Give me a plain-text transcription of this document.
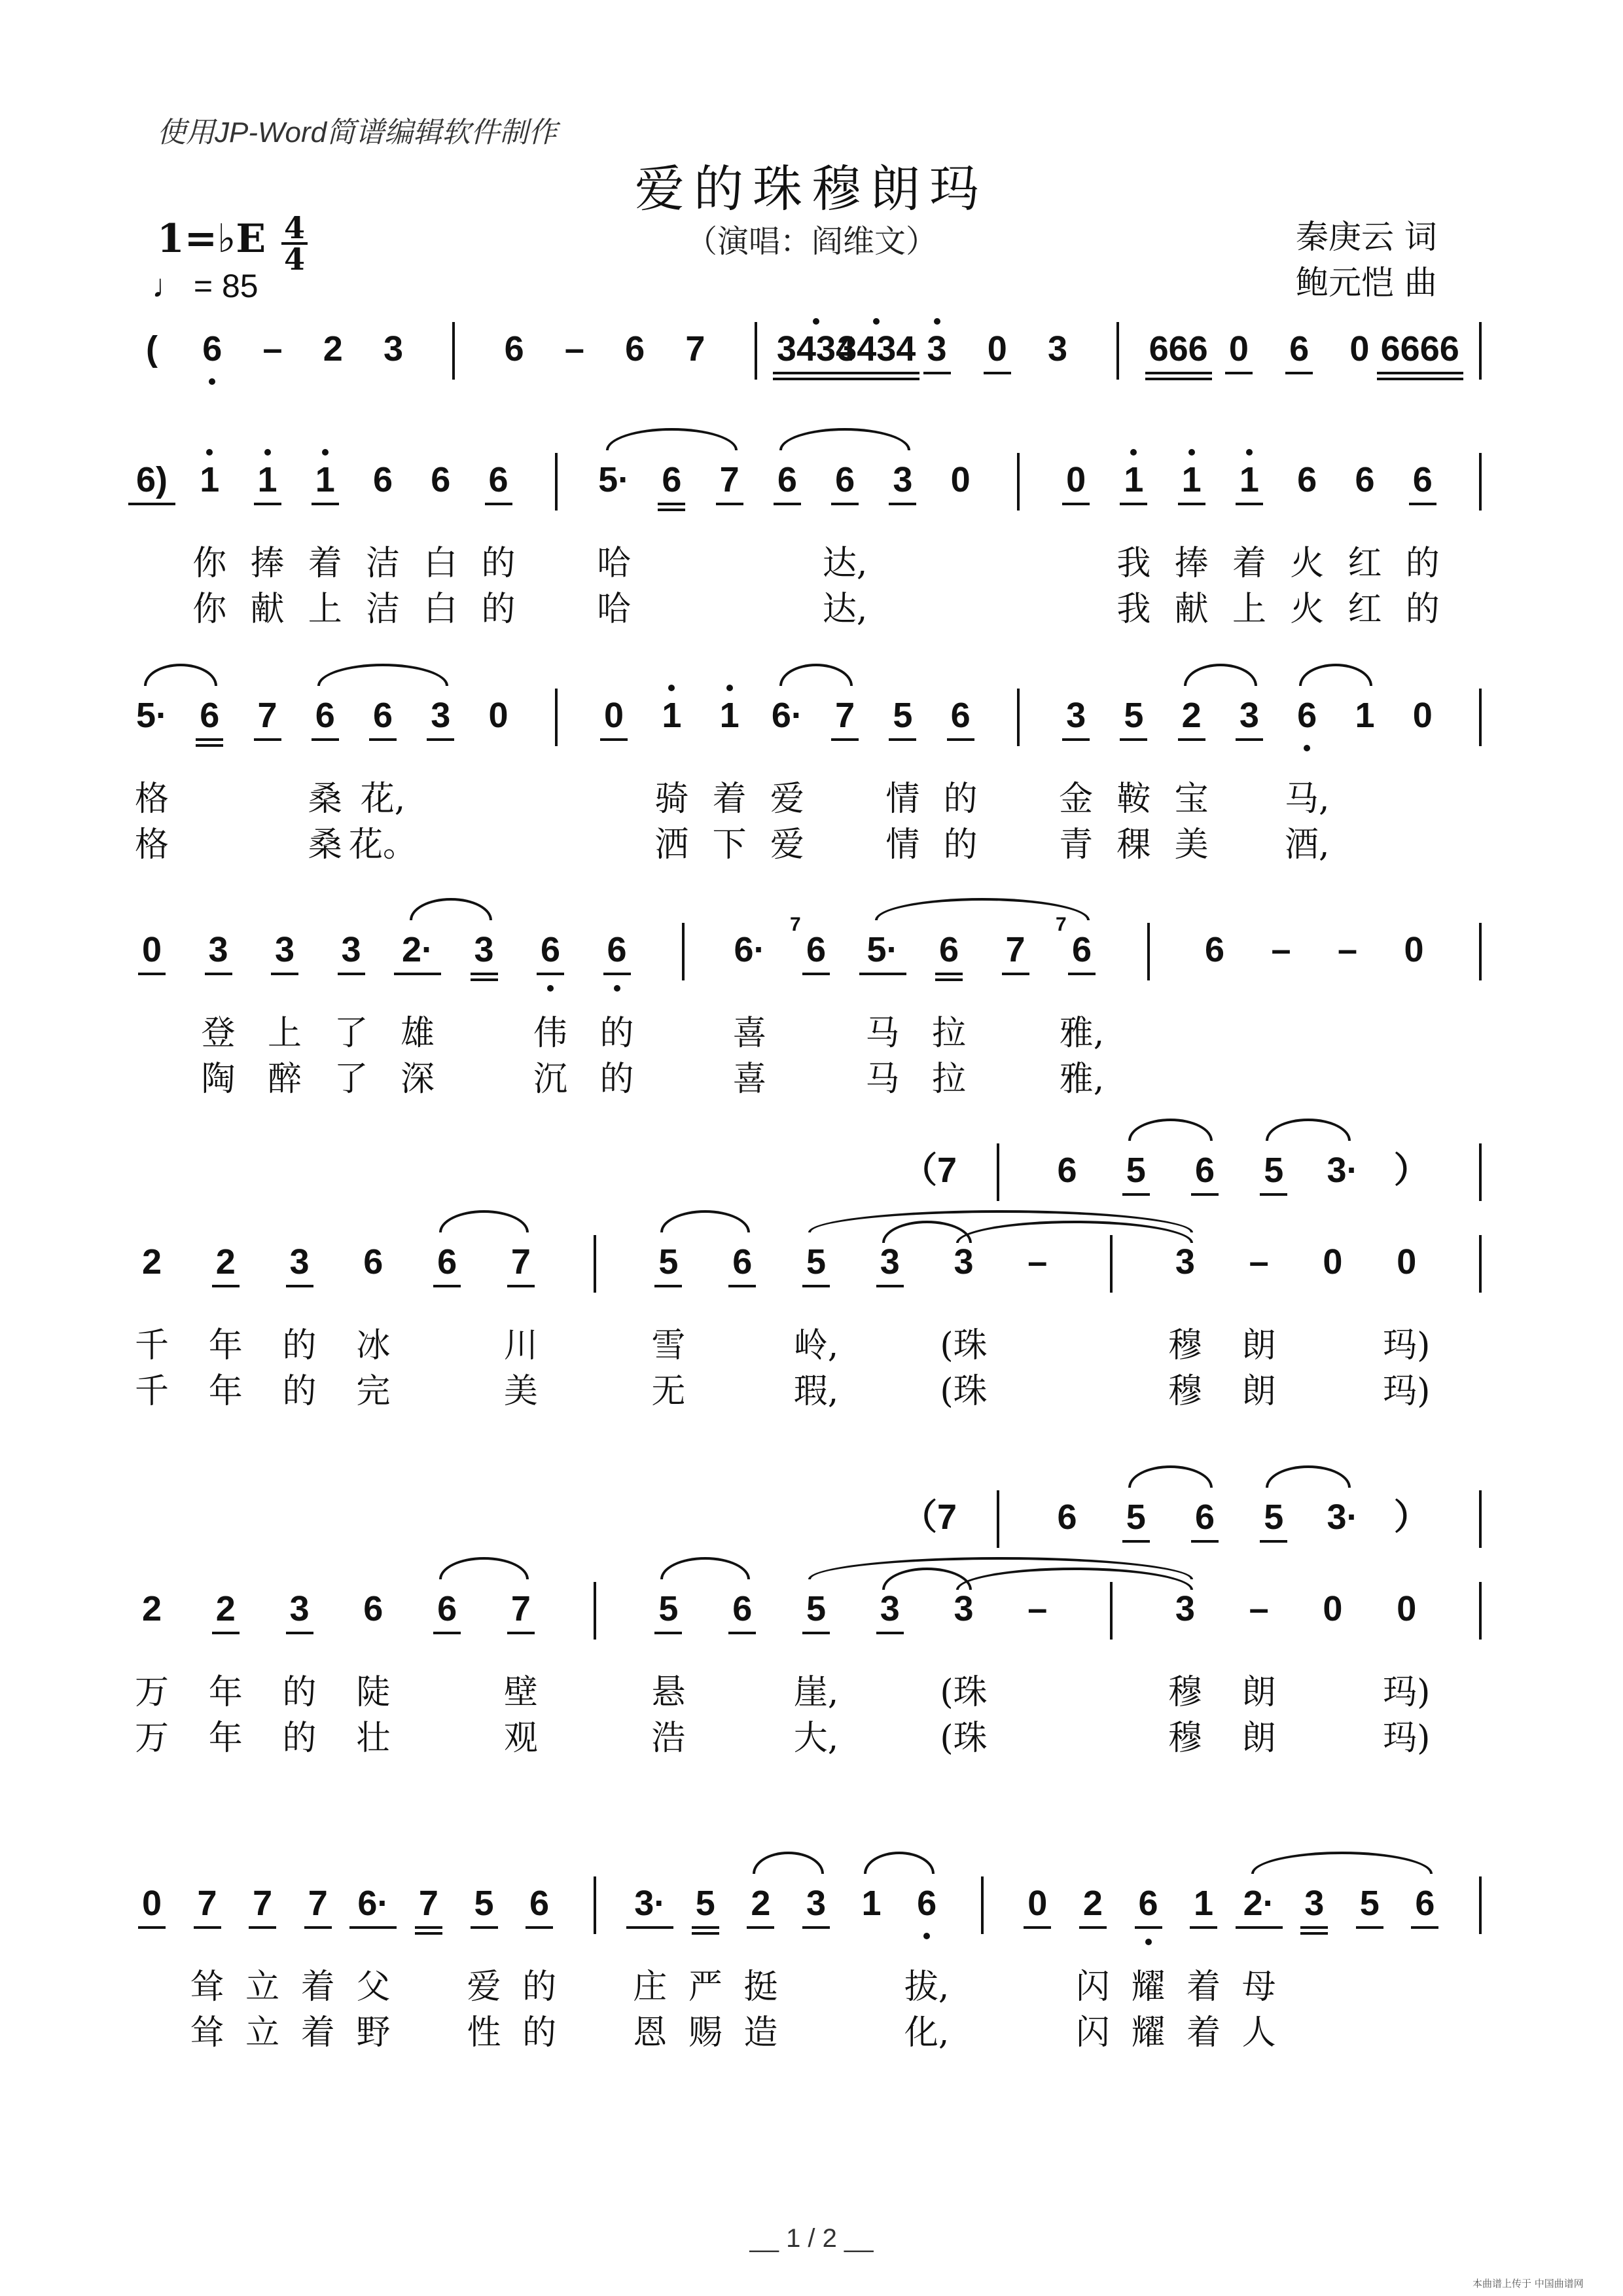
使用JP-Word简谱编辑软件制作
爱的珠穆朗玛
（演唱：阎维文）	秦庚云 词
鲍元恺 曲
1=♭E 4
4
♩ = 85
(	6	–	2	3	6	–	6	7	3434
3434 3	0	3	666 0	6	0 6666
6) 1	1	1	6	6	6	5· 6	7	6	6	3	0	0	1	1	1	6	6	6
你 捧 着 洁 白 的	哈	达,	我 捧 着 火 红 的
你 献 上 洁 白 的	哈	达,	我 献 上 火 红 的
5· 6	7	6	6	3	0	0	1	1 6· 7	5	6	3	5	2	3	6	1	0
格	桑 花,	骑 着 爱	情 的	金 鞍 宝	马,
格	桑 花。	洒 下 爱	情 的	青 稞 美	酒,
0	3	3	3	2·	3	6	6	6·	6
7
5·	6	7	6
7
6	–	–	0
登 上 了 雄	伟 的	喜	马 拉	雅,
陶 醉 了 深	沉 的	喜	马 拉	雅,
（7	6	5	6	5	3·	）
2	2	3	6	6	7	5	6	5	3	3	–	3	–	0	0
千	年	的	冰	川	雪	岭,	(珠	穆	朗	玛)
千	年	的	完	美	无	瑕,	(珠	穆	朗	玛)
（7	6	5	6	5	3·	）
2	2	3	6	6	7	5	6	5	3	3	–	3	–	0	0
万	年	的	陡	壁	悬	崖,	(珠	穆	朗	玛)
万	年	的	壮	观	浩	大,	(珠	穆	朗	玛)
0	7	7	7 6· 7	5	6	3· 5	2	3	1	6	0	2	6	1 2· 3	5	6
耸 立 着 父	爱 的	庄 严 挺	拔,	闪 耀 着 母
耸 立 着 野	性 的	恩 赐 造	化,	闪 耀 着 人
__ 1 / 2 __
本曲谱上传于 中国曲谱网
